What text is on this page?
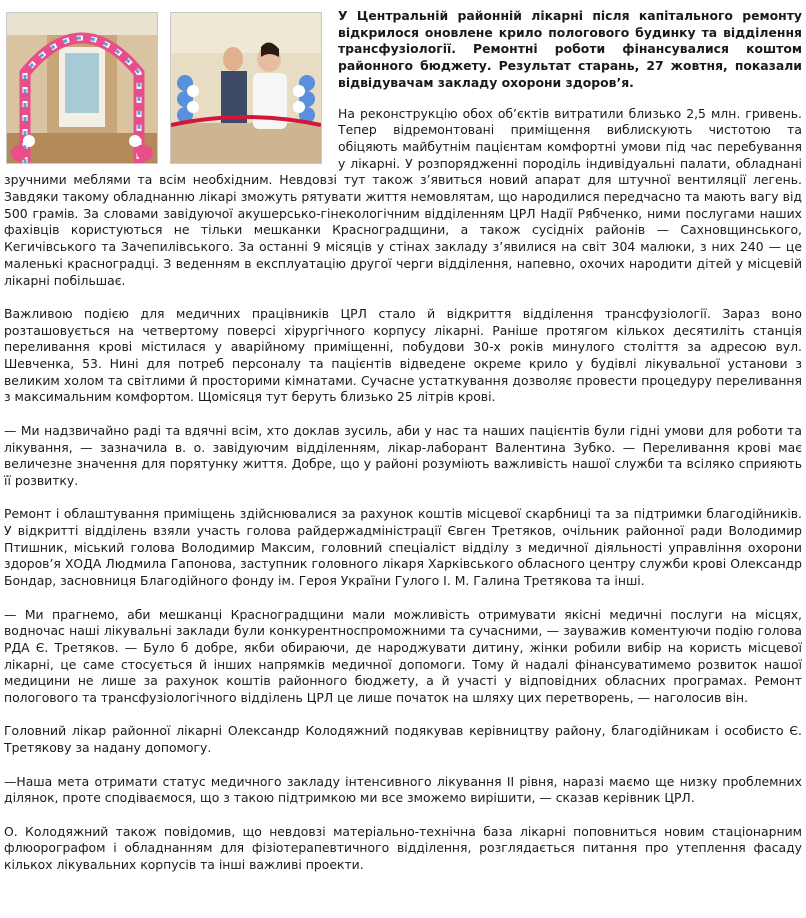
У Центральній районній лікарні після капітального ремонту відкрилося оновлене крило пологового будинку та відділення трансфузіології. Ремонтні роботи фінансувалися коштом районного бюджету. Результат старань, 27 жовтня, показали відвідувачам закладу охорони здоров’я.

На реконструкцію обох об’єктів витратили близько 2,5 млн. гривень. Тепер відремонтовані приміщення виблискують чистотою та обіцяють майбутнім пацієнтам комфортні умови під час перебування у лікарні. У розпорядженні породіль індивідуальні палати, обладнані зручними меблями та всім необхідним. Невдовзі тут також з’явиться новий апарат для штучної вентиляції легень. Завдяки такому обладнанню лікарі зможуть рятувати життя немовлятам, що народилися передчасно та мають вагу від 500 грамів. За словами завідуючої акушерсько-гінекологічним відділенням ЦРЛ Надії Рябченко, ними послугами наших фахівців користуються не тільки мешканки Красноградщини, а також сусідніх районів — Сахновщинського, Кегичівського та Зачепилівського. За останні 9 місяців у стінах закладу з’явилися на світ 304 малюки, з них 240 — це маленькі красноградці. З веденням в експлуатацію другої черги відділення, напевно, охочих народити дітей у місцевій лікарні побільшає.

Важливою подією для медичних працівників ЦРЛ стало й відкриття відділення трансфузіології. Зараз воно розташовується на четвертому поверсі хірургічного корпусу лікарні. Раніше протягом кількох десятиліть станція переливання крові містилася у аварійному приміщенні, побудови 30-х років минулого століття за адресою вул. Шевченка, 53. Нині для потреб персоналу та пацієнтів відведене окреме крило у будівлі лікувальної установи з великим холом та світлими й просторими кімнатами. Сучасне устаткування дозволяє провести процедуру переливання з максимальним комфортом. Щомісяця тут беруть близько 25 літрів крові.

— Ми надзвичайно раді та вдячні всім, хто доклав зусиль, аби у нас та наших пацієнтів були гідні умови для роботи та лікування, — зазначила в. о. завідуючим відділенням, лікар-лаборант Валентина Зубко. — Переливання крові має величезне значення для порятунку життя. Добре, що у районі розуміють важливість нашої служби та всіляко сприяють її розвитку.

Ремонт і облаштування приміщень здійснювалися за рахунок коштів місцевої скарбниці та за підтримки благодійників. У відкритті відділень взяли участь голова райдержадміністрації Євген Третяков, очільник районної ради Володимир Птишник, міський голова Володимир Максим, головний спеціаліст відділу з медичної діяльності управління охорони здоров’я ХОДА Людмила Гапонова, заступник головного лікаря Харківського обласного центру служби крові Олександр Бондар, засновниця Благодійного фонду ім. Героя України Гулого І. М. Галина Третякова та інші.

— Ми прагнемо, аби мешканці Красноградщини мали можливість отримувати якісні медичні послуги на місцях, водночас наші лікувальні заклади були конкурентноспроможними та сучасними, — зауважив коментуючи подію голова РДА Є. Третяков. — Було б добре, якби обираючи, де народжувати дитину, жінки робили вибір на користь місцевої лікарні, це саме стосується й інших напрямків медичної допомоги. Тому й надалі фінансуватимемо розвиток нашої медицини не лише за рахунок коштів районного бюджету, а й участі у відповідних обласних програмах. Ремонт пологового та трансфузіологічного відділень ЦРЛ це лише початок на шляху цих перетворень, — наголосив він.

Головний лікар районної лікарні Олександр Колодяжний подякував керівництву району, благодійникам і особисто Є. Третякову за надану допомогу.

—Наша мета отримати статус медичного закладу інтенсивного лікування ІІ рівня, наразі маємо ще низку проблемних ділянок, проте сподіваємося, що з такою підтримкою ми все зможемо вирішити, — сказав керівник ЦРЛ.

О. Колодяжний також повідомив, що невдовзі матеріально-технічна база лікарні поповниться новим стаціонарним флюорографом і обладнанням для фізіотерапевтичного відділення, розглядається питання про утеплення фасаду кількох лікувальних корпусів та інші важливі проекти.
